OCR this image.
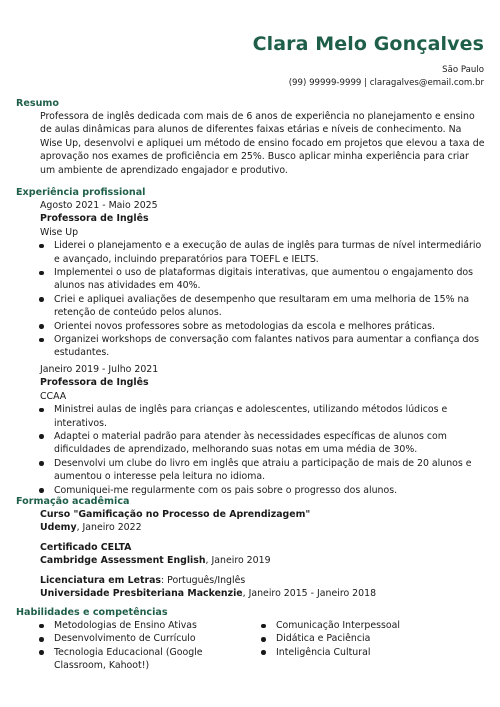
Clara Melo Gonçalves
São Paulo
(99) 99999-9999 | claragalves@email.com.br
Resumo

Professora de inglês dedicada com mais de 6 anos de experiência no planejamento e ensino de aulas dinâmicas para alunos de diferentes faixas etárias e níveis de conhecimento. Na Wise Up, desenvolvi e apliquei um método de ensino focado em projetos que elevou a taxa de aprovação nos exames de proficiência em 25%. Busco aplicar minha experiência para criar um ambiente de aprendizado engajador e produtivo.

Experiência profissional

Agosto 2021 - Maio 2025

Professora de Inglês

Wise Up

Liderei o planejamento e a execução de aulas de inglês para turmas de nível intermediário e avançado, incluindo preparatórios para TOEFL e IELTS.
Implementei o uso de plataformas digitais interativas, que aumentou o engajamento dos alunos nas atividades em 40%.
Criei e apliquei avaliações de desempenho que resultaram em uma melhoria de 15% na retenção de conteúdo pelos alunos.
Orientei novos professores sobre as metodologias da escola e melhores práticas.
Organizei workshops de conversação com falantes nativos para aumentar a confiança dos estudantes.

Janeiro 2019 - Julho 2021

Professora de Inglês

CCAA

Ministrei aulas de inglês para crianças e adolescentes, utilizando métodos lúdicos e interativos.
Adaptei o material padrão para atender às necessidades específicas de alunos com dificuldades de aprendizado, melhorando suas notas em uma média de 30%.
Desenvolvi um clube do livro em inglês que atraiu a participação de mais de 20 alunos e aumentou o interesse pela leitura no idioma.
Comuniquei-me regularmente com os pais sobre o progresso dos alunos.
Formação acadêmica
Curso "Gamificação no Processo de Aprendizagem"
Udemy, Janeiro 2022
Certificado CELTA
Cambridge Assessment English, Janeiro 2019
Licenciatura em Letras: Português/Inglês
Universidade Presbiteriana Mackenzie, Janeiro 2015 - Janeiro 2018
Habilidades e competências
Metodologias de Ensino Ativas
Desenvolvimento de Currículo
Tecnologia Educacional (Google Classroom, Kahoot!)
Comunicação Interpessoal
Didática e Paciência
Inteligência Cultural
